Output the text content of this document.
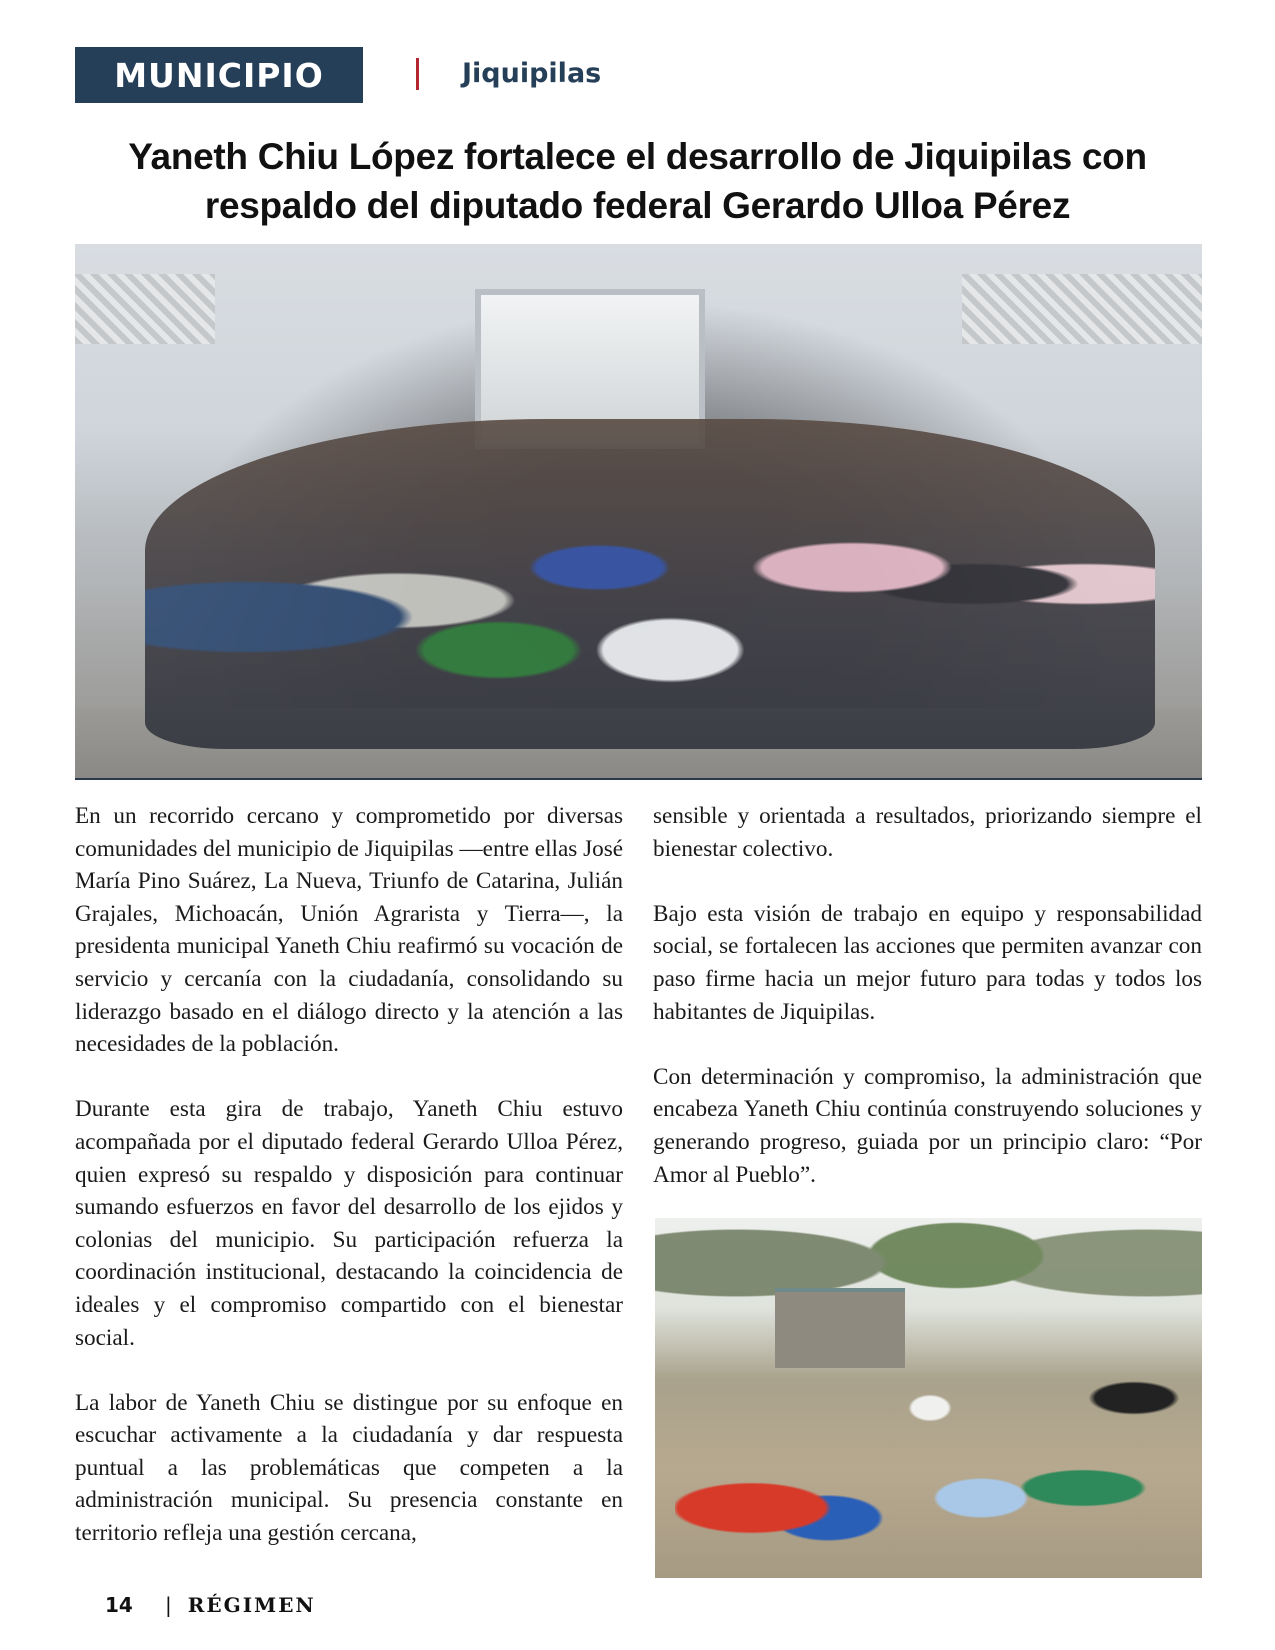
MUNICIPIO	Jiquipilas
Yaneth Chiu López fortalece el desarrollo de Jiquipilas con respaldo del diputado federal Gerardo Ulloa Pérez

En un recorrido cercano y comprometido por diversas comunidades del municipio de Jiquipilas —entre ellas José María Pino Suárez, La Nueva, Triunfo de Catarina, Julián Grajales, Michoacán, Unión Agrarista y Tierra—, la presidenta municipal Yaneth Chiu reafirmó su vocación de servicio y cercanía con la ciudadanía, consolidando su liderazgo basado en el diálogo directo y la atención a las necesidades de la población.

Durante esta gira de trabajo, Yaneth Chiu estuvo acompañada por el diputado federal Gerardo Ulloa Pérez, quien expresó su respaldo y disposición para continuar sumando esfuerzos en favor del desarrollo de los ejidos y colonias del municipio. Su participación refuerza la coordinación institucional, destacando la coincidencia de ideales y el compromiso compartido con el bienestar social.

La labor de Yaneth Chiu se distingue por su enfoque en escuchar activamente a la ciudadanía y dar respuesta puntual a las problemáticas que competen a la administración municipal. Su presencia constante en territorio refleja una gestión cercana,

sensible y orientada a resultados, priorizando siempre el bienestar colectivo.

Bajo esta visión de trabajo en equipo y responsabilidad social, se fortalecen las acciones que permiten avanzar con paso firme hacia un mejor futuro para todas y todos los habitantes de Jiquipilas.

Con determinación y compromiso, la administración que encabeza Yaneth Chiu continúa construyendo soluciones y generando progreso, guiada por un principio claro: “Por Amor al Pueblo”.

14	| RÉGIMEN
